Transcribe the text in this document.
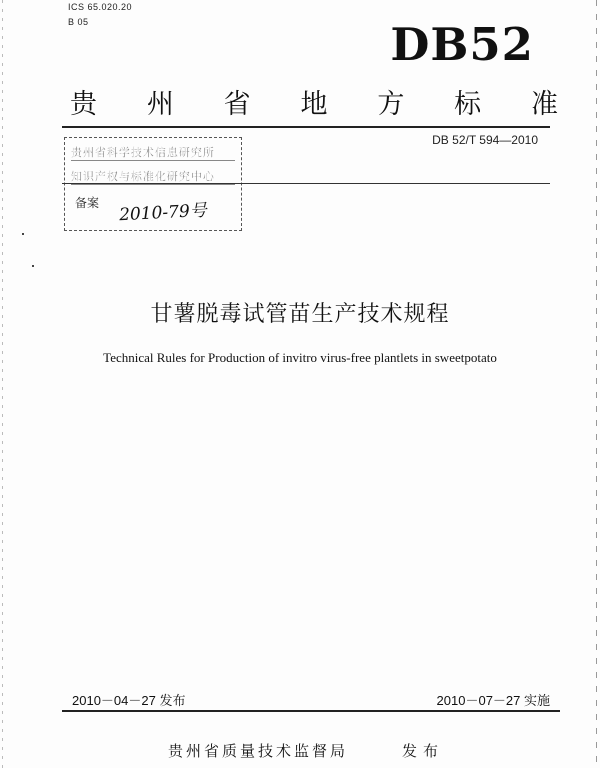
ICS 65.020.20
B 05	DB52
贵 州 省 地 方 标 准
DB 52/T 594—2010
贵州省科学技术信息研究所
知识产权与标准化研究中心
备案 2010-79号
甘薯脱毒试管苗生产技术规程
Technical Rules for Production of invitro virus-free plantlets in sweetpotato
2010－04－27 发布	2010－07－27 实施
贵州省质量技术监督局	发布
